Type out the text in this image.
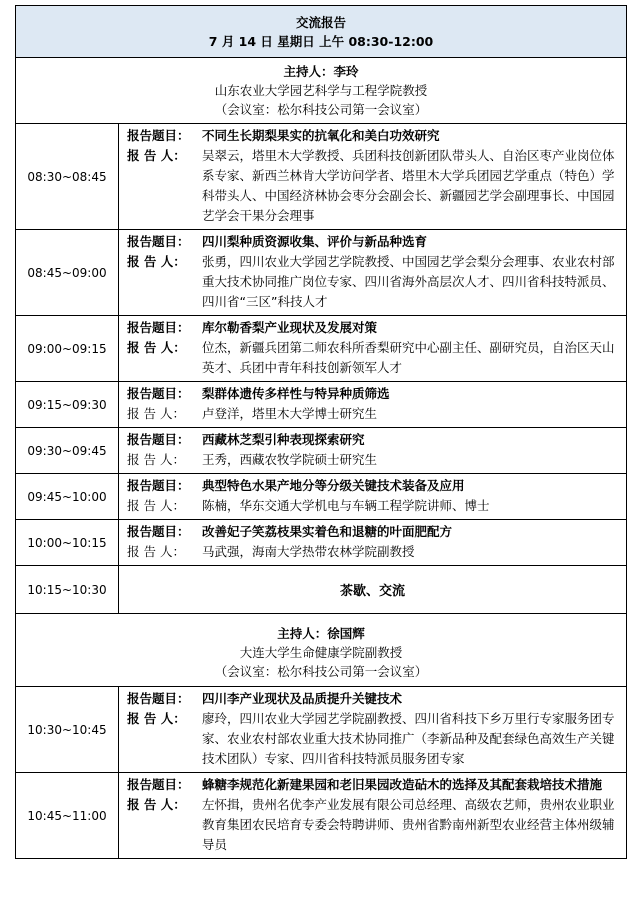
交流报告
7 月 14 日 星期日 上午 08:30-12:00	

主持人：李玲
山东农业大学园艺科学与工程学院教授
（会议室：松尔科技公司第一会议室）	

08:30~08:45	报告题目： 不同生长期梨果实的抗氧化和美白功效研究
报 告 人： 吴翠云，塔里木大学教授、兵团科技创新团队带头人、自治区枣产业岗位体系专家、新西兰林肯大学访问学者、塔里木大学兵团园艺学重点（特色）学科带头人、中国经济林协会枣分会副会长、新疆园艺学会副理事长、中国园艺学会干果分会理事

08:45~09:00	报告题目： 四川梨种质资源收集、评价与新品种选育
报 告 人： 张勇，四川农业大学园艺学院教授、中国园艺学会梨分会理事、农业农村部重大技术协同推广岗位专家、四川省海外高层次人才、四川省科技特派员、四川省“三区”科技人才

09:00~09:15	报告题目： 库尔勒香梨产业现状及发展对策
报 告 人： 位杰，新疆兵团第二师农科所香梨研究中心副主任、副研究员，自治区天山英才、兵团中青年科技创新领军人才

09:15~09:30	报告题目： 梨群体遗传多样性与特异种质筛选
报 告 人： 卢登洋，塔里木大学博士研究生

09:30~09:45	报告题目： 西藏林芝梨引种表现探索研究
报 告 人： 王秀，西藏农牧学院硕士研究生

09:45~10:00	报告题目： 典型特色水果产地分等分级关键技术装备及应用
报 告 人： 陈楠，华东交通大学机电与车辆工程学院讲师、博士

10:00~10:15	报告题目： 改善妃子笑荔枝果实着色和退糖的叶面肥配方
报 告 人： 马武强，海南大学热带农林学院副教授

10:15~10:30	茶歇、交流

主持人：徐国辉
大连大学生命健康学院副教授
（会议室：松尔科技公司第一会议室）	

10:30~10:45	报告题目： 四川李产业现状及品质提升关键技术
报 告 人： 廖玲，四川农业大学园艺学院副教授、四川省科技下乡万里行专家服务团专家、农业农村部农业重大技术协同推广（李新品种及配套绿色高效生产关键技术团队）专家、四川省科技特派员服务团专家

10:45~11:00	报告题目： 蜂糖李规范化新建果园和老旧果园改造砧木的选择及其配套栽培技术措施
报 告 人： 左怀揖，贵州名优李产业发展有限公司总经理、高级农艺师，贵州农业职业教育集团农民培育专委会特聘讲师、贵州省黔南州新型农业经营主体州级辅导员
